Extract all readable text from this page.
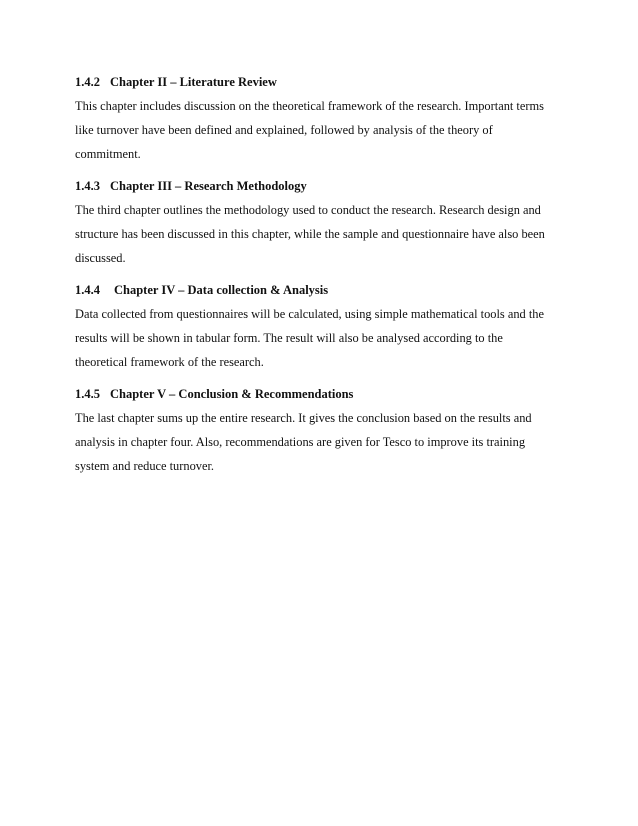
1.4.2 Chapter II – Literature Review

This chapter includes discussion on the theoretical framework of the research. Important terms
like turnover have been defined and explained, followed by analysis of the theory of
commitment.

1.4.3 Chapter III – Research Methodology

The third chapter outlines the methodology used to conduct the research. Research design and
structure has been discussed in this chapter, while the sample and questionnaire have also been
discussed.

1.4.4 Chapter IV – Data collection & Analysis

Data collected from questionnaires will be calculated, using simple mathematical tools and the
results will be shown in tabular form. The result will also be analysed according to the
theoretical framework of the research.

1.4.5 Chapter V – Conclusion & Recommendations

The last chapter sums up the entire research. It gives the conclusion based on the results and
analysis in chapter four. Also, recommendations are given for Tesco to improve its training
system and reduce turnover.
